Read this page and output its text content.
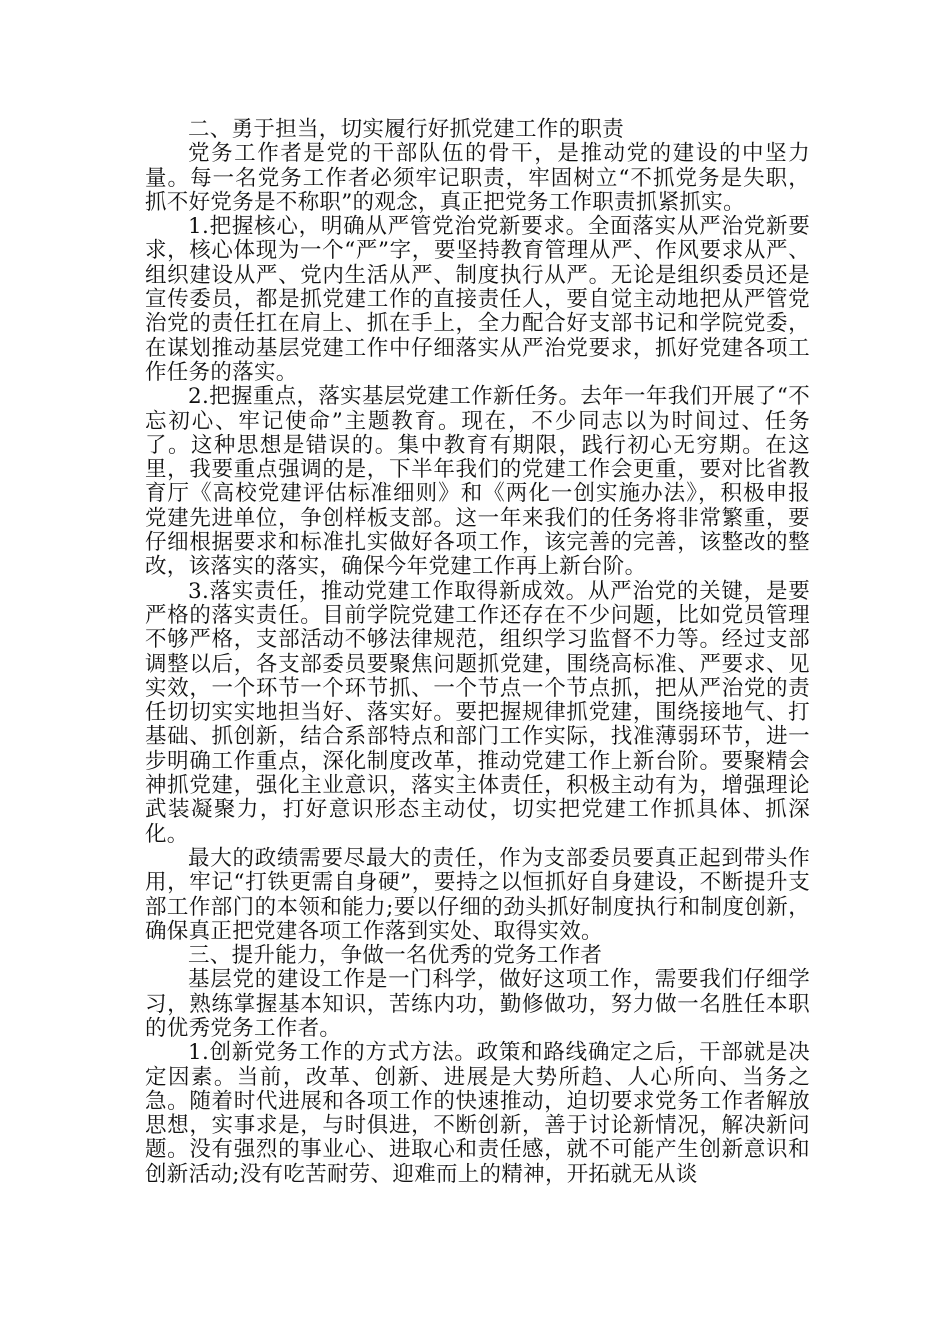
二、勇于担当，切实履行好抓党建工作的职责

党务工作者是党的干部队伍的骨干，是推动党的建设的中坚力量。每一名党务工作者必须牢记职责，牢固树立“不抓党务是失职，抓不好党务是不称职”的观念，真正把党务工作职责抓紧抓实。

1.把握核心，明确从严管党治党新要求。全面落实从严治党新要求，核心体现为一个“严”字，要坚持教育管理从严、作风要求从严、组织建设从严、党内生活从严、制度执行从严。无论是组织委员还是宣传委员，都是抓党建工作的直接责任人，要自觉主动地把从严管党治党的责任扛在肩上、抓在手上，全力配合好支部书记和学院党委，在谋划推动基层党建工作中仔细落实从严治党要求，抓好党建各项工作任务的落实。

2.把握重点，落实基层党建工作新任务。去年一年我们开展了“不忘初心、牢记使命”主题教育。现在，不少同志以为时间过、任务了。这种思想是错误的。集中教育有期限，践行初心无穷期。在这里，我要重点强调的是，下半年我们的党建工作会更重，要对比省教育厅《高校党建评估标准细则》和《两化一创实施办法》，积极申报党建先进单位，争创样板支部。这一年来我们的任务将非常繁重，要仔细根据要求和标准扎实做好各项工作，该完善的完善，该整改的整改，该落实的落实，确保今年党建工作再上新台阶。

3.落实责任，推动党建工作取得新成效。从严治党的关键，是要严格的落实责任。目前学院党建工作还存在不少问题，比如党员管理不够严格，支部活动不够法律规范，组织学习监督不力等。经过支部调整以后，各支部委员要聚焦问题抓党建，围绕高标准、严要求、见实效，一个环节一个环节抓、一个节点一个节点抓，把从严治党的责任切切实实地担当好、落实好。要把握规律抓党建，围绕接地气、打基础、抓创新，结合系部特点和部门工作实际，找准薄弱环节，进一步明确工作重点，深化制度改革，推动党建工作上新台阶。要聚精会神抓党建，强化主业意识，落实主体责任，积极主动有为，增强理论武装凝聚力，打好意识形态主动仗，切实把党建工作抓具体、抓深化。

最大的政绩需要尽最大的责任，作为支部委员要真正起到带头作用，牢记“打铁更需自身硬”，要持之以恒抓好自身建设，不断提升支部工作部门的本领和能力;要以仔细的劲头抓好制度执行和制度创新，确保真正把党建各项工作落到实处、取得实效。

三、提升能力，争做一名优秀的党务工作者

基层党的建设工作是一门科学，做好这项工作，需要我们仔细学习，熟练掌握基本知识，苦练内功，勤修做功，努力做一名胜任本职的优秀党务工作者。

1.创新党务工作的方式方法。政策和路线确定之后，干部就是决定因素。当前，改革、创新、进展是大势所趋、人心所向、当务之急。随着时代进展和各项工作的快速推动，迫切要求党务工作者解放思想，实事求是，与时俱进，不断创新，善于讨论新情况，解决新问题。没有强烈的事业心、进取心和责任感，就不可能产生创新意识和创新活动;没有吃苦耐劳、迎难而上的精神，开拓就无从谈
